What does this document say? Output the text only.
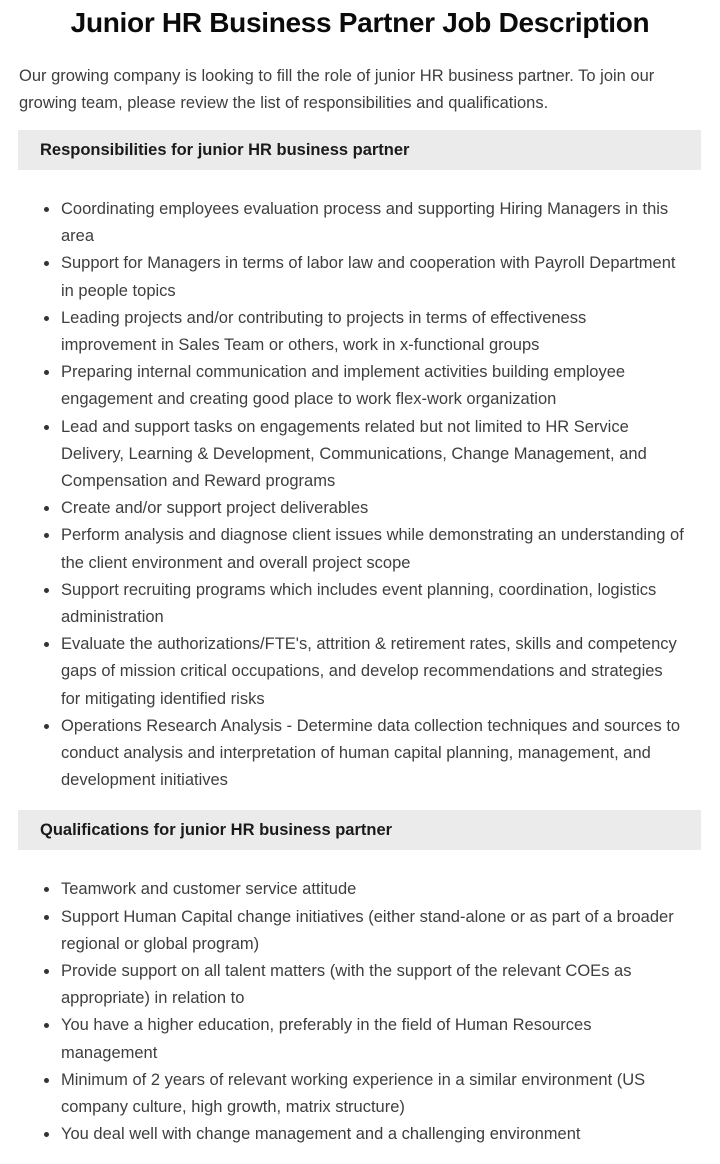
Junior HR Business Partner Job Description

Our growing company is looking to fill the role of junior HR business partner. To join our growing team, please review the list of responsibilities and qualifications.

Responsibilities for junior HR business partner
Coordinating employees evaluation process and supporting Hiring Managers in this area
Support for Managers in terms of labor law and cooperation with Payroll Department in people topics
Leading projects and/or contributing to projects in terms of effectiveness improvement in Sales Team or others, work in x-functional groups
Preparing internal communication and implement activities building employee engagement and creating good place to work flex-work organization
Lead and support tasks on engagements related but not limited to HR Service Delivery, Learning & Development, Communications, Change Management, and Compensation and Reward programs
Create and/or support project deliverables
Perform analysis and diagnose client issues while demonstrating an understanding of the client environment and overall project scope
Support recruiting programs which includes event planning, coordination, logistics administration
Evaluate the authorizations/FTE's, attrition & retirement rates, skills and competency gaps of mission critical occupations, and develop recommendations and strategies for mitigating identified risks
Operations Research Analysis - Determine data collection techniques and sources to conduct analysis and interpretation of human capital planning, management, and development initiatives
Qualifications for junior HR business partner
Teamwork and customer service attitude
Support Human Capital change initiatives (either stand-alone or as part of a broader regional or global program)
Provide support on all talent matters (with the support of the relevant COEs as appropriate) in relation to
You have a higher education, preferably in the field of Human Resources management
Minimum of 2 years of relevant working experience in a similar environment (US company culture, high growth, matrix structure)
You deal well with change management and a challenging environment
